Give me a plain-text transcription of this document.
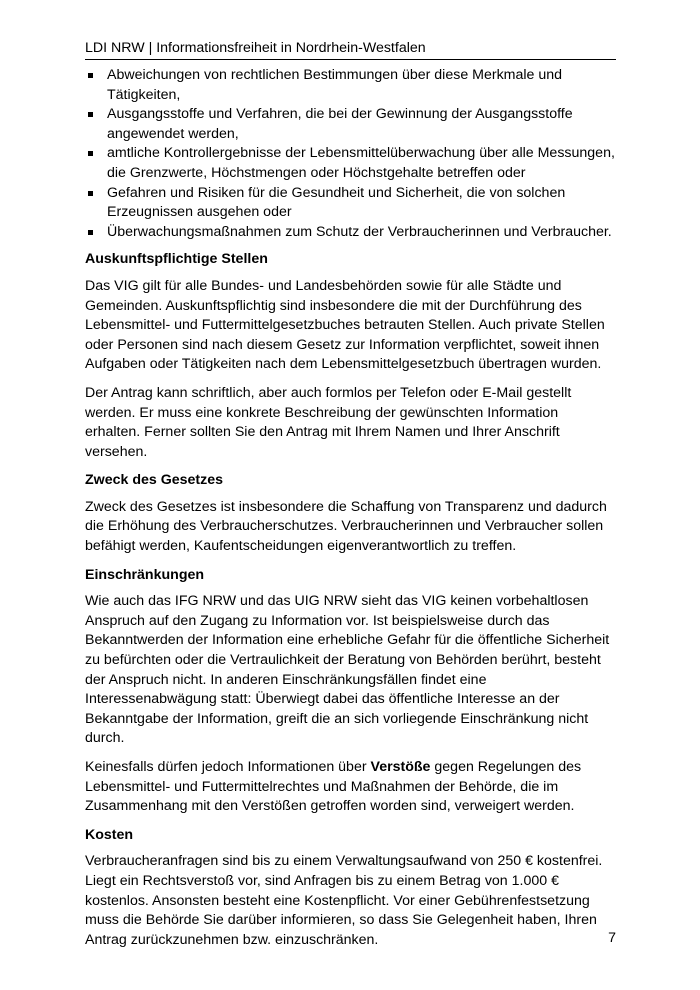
LDI NRW | Informationsfreiheit in Nordrhein-Westfalen
Abweichungen von rechtlichen Bestimmungen über diese Merkmale und Tätigkeiten,
Ausgangsstoffe und Verfahren, die bei der Gewinnung der Ausgangsstoffe angewendet werden,
amtliche Kontrollergebnisse der Lebensmittelüberwachung über alle Messungen, die Grenzwerte, Höchstmengen oder Höchstgehalte betreffen oder
Gefahren und Risiken für die Gesundheit und Sicherheit, die von solchen Erzeugnissen ausgehen oder
Überwachungsmaßnahmen zum Schutz der Verbraucherinnen und Verbraucher.
Auskunftspflichtige Stellen

Das VIG gilt für alle Bundes- und Landesbehörden sowie für alle Städte und Gemeinden. Auskunftspflichtig sind insbesondere die mit der Durchführung des Lebensmittel- und Futtermittelgesetzbuches betrauten Stellen. Auch private Stellen oder Personen sind nach diesem Gesetz zur Information verpflichtet, soweit ihnen Aufgaben oder Tätigkeiten nach dem Lebensmittelgesetzbuch übertragen wurden.

Der Antrag kann schriftlich, aber auch formlos per Telefon oder E-Mail gestellt werden. Er muss eine konkrete Beschreibung der gewünschten Information erhalten. Ferner sollten Sie den Antrag mit Ihrem Namen und Ihrer Anschrift versehen.

Zweck des Gesetzes

Zweck des Gesetzes ist insbesondere die Schaffung von Transparenz und dadurch die Erhöhung des Verbraucherschutzes. Verbraucherinnen und Verbraucher sollen befähigt werden, Kaufentscheidungen eigenverantwortlich zu treffen.

Einschränkungen

Wie auch das IFG NRW und das UIG NRW sieht das VIG keinen vorbehaltlosen Anspruch auf den Zugang zu Information vor. Ist beispielsweise durch das Bekanntwerden der Information eine erhebliche Gefahr für die öffentliche Sicherheit zu befürchten oder die Vertraulichkeit der Beratung von Behörden berührt, besteht der Anspruch nicht. In anderen Einschränkungsfällen findet eine Interessenabwägung statt: Überwiegt dabei das öffentliche Interesse an der Bekanntgabe der Information, greift die an sich vorliegende Einschränkung nicht durch.

Keinesfalls dürfen jedoch Informationen über Verstöße gegen Regelungen des Lebensmittel- und Futtermittelrechtes und Maßnahmen der Behörde, die im Zusammenhang mit den Verstößen getroffen worden sind, verweigert werden.

Kosten

Verbraucheranfragen sind bis zu einem Verwaltungsaufwand von 250 € kostenfrei. Liegt ein Rechtsverstoß vor, sind Anfragen bis zu einem Betrag von 1.000 € kostenlos. Ansonsten besteht eine Kostenpflicht. Vor einer Gebührenfestsetzung muss die Behörde Sie darüber informieren, so dass Sie Gelegenheit haben, Ihren Antrag zurückzunehmen bzw. einzuschränken.	7
